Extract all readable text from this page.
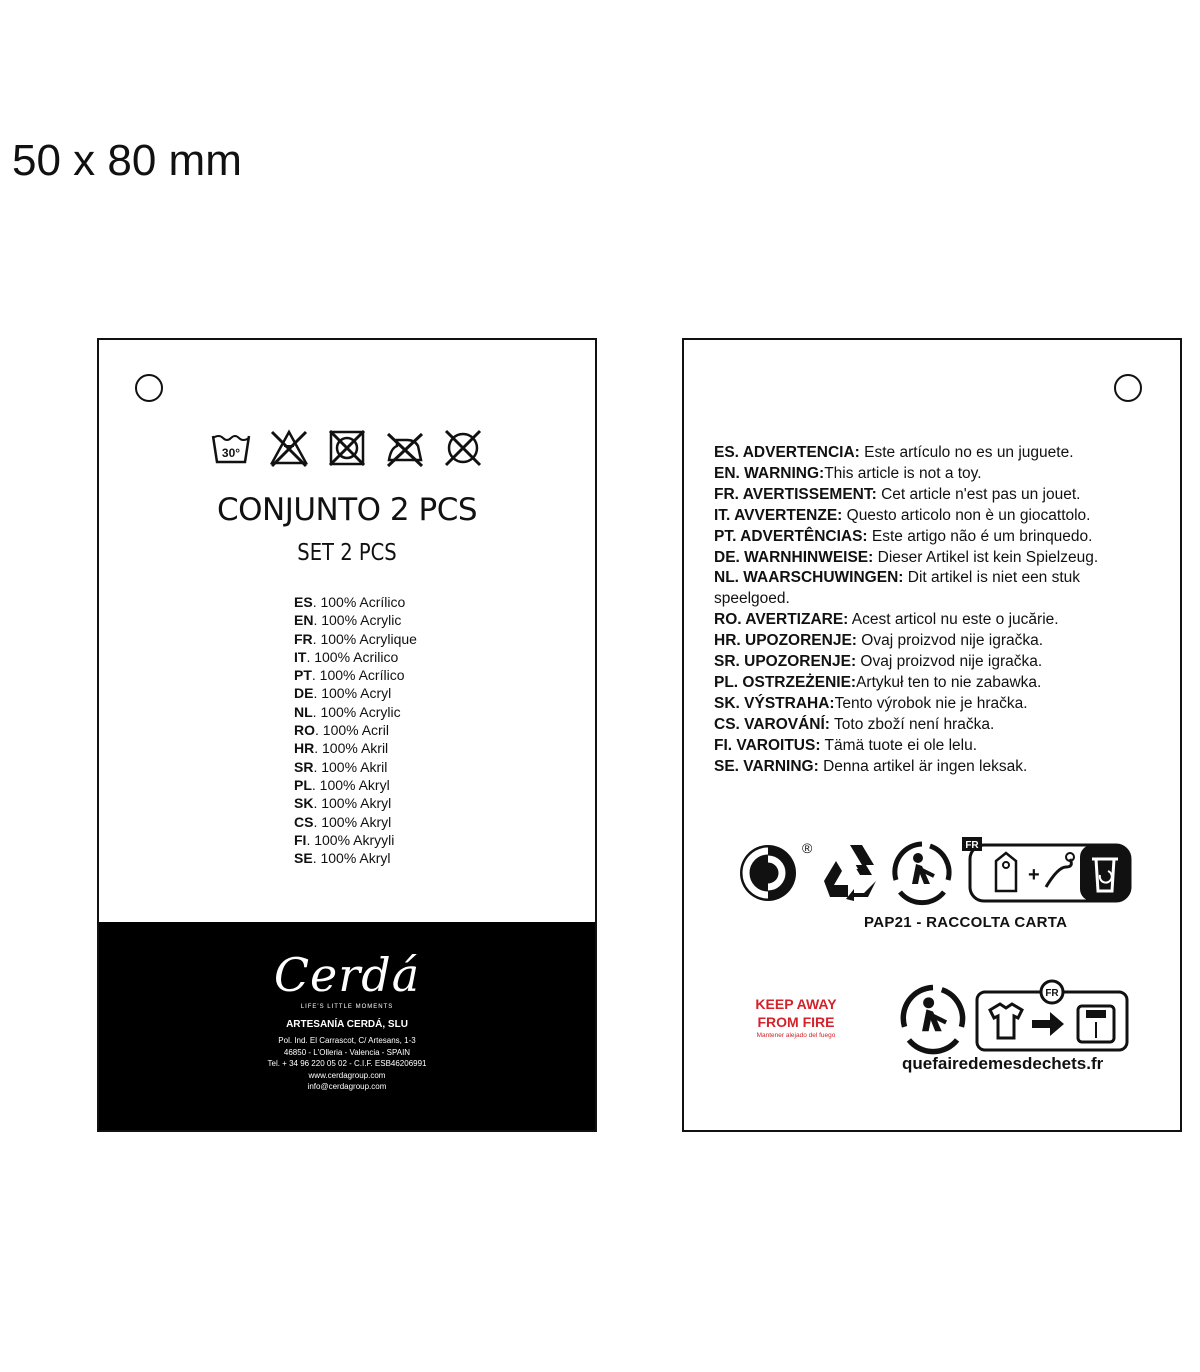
50 x 80 mm
30°
CONJUNTO 2 PCS
SET 2 PCS
ES. 100% Acrílico
EN. 100% Acrylic
FR. 100% Acrylique
IT. 100% Acrilico
PT. 100% Acrílico
DE. 100% Acryl
NL. 100% Acrylic
RO. 100% Acril
HR. 100% Akril
SR. 100% Akril
PL. 100% Akryl
SK. 100% Akryl
CS. 100% Akryl
FI. 100% Akryyli
SE. 100% Akryl
Cerdá
LIFE'S LITTLE MOMENTS
ARTESANÍA CERDÁ, SLU
Pol. Ind. El Carrascot, C/ Artesans, 1-3
46850 - L'Olleria - Valencia - SPAIN
Tel. + 34 96 220 05 02 - C.I.F. ESB46206991
www.cerdagroup.com
info@cerdagroup.com
ES. ADVERTENCIA: Este artículo no es un juguete.
EN. WARNING:This article is not a toy.
FR. AVERTISSEMENT: Cet article n'est pas un jouet.
IT. AVVERTENZE: Questo articolo non è un giocattolo.
PT. ADVERTÊNCIAS: Este artigo não é um brinquedo.
DE. WARNHINWEISE: Dieser Artikel ist kein Spielzeug.
NL. WAARSCHUWINGEN: Dit artikel is niet een stuk speelgoed.
RO. AVERTIZARE: Acest articol nu este o jucărie.
HR. UPOZORENJE: Ovaj proizvod nije igračka.
SR. UPOZORENJE: Ovaj proizvod nije igračka.
PL. OSTRZEŻENIE:Artykuł ten to nie zabawka.
SK. VÝSTRAHA:Tento výrobok nie je hračka.
CS. VAROVÁNÍ: Toto zboží není hračka.
FI. VAROITUS: Tämä tuote ei ole lelu.
SE. VARNING: Denna artikel är ingen leksak.
®	FR
+
PAP21 - RACCOLTA CARTA
KEEP AWAY
FROM FIRE
Mantener alejado del fuego
FR
quefairedemesdechets.fr
